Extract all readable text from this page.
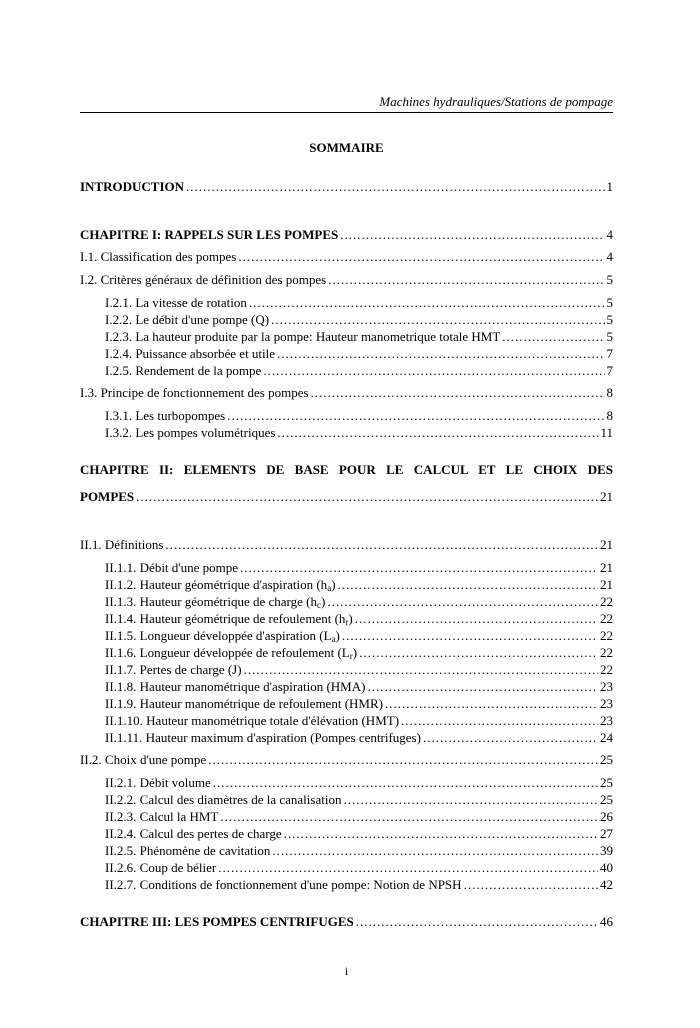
Machines hydrauliques/Stations de pompage
SOMMAIRE
INTRODUCTION .....	1
CHAPITRE I: RAPPELS SUR LES POMPES .....	4
I.1. Classification des pompes .....	4
I.2. Critères généraux de définition des pompes .....	5
I.2.1. La vitesse de rotation .....	5
I.2.2. Le débit d'une pompe (Q) .....	5
I.2.3. La hauteur produite par la pompe: Hauteur manometrique totale HMT .....	5
I.2.4. Puissance absorbée et utile .....	7
I.2.5. Rendement de la pompe .....	7
I.3. Principe de fonctionnement des pompes .....	8
I.3.1. Les turbopompes .....	8
I.3.2. Les pompes volumétriques .....	11
CHAPITRE II: ELEMENTS DE BASE POUR LE CALCUL ET LE CHOIX DES
POMPES .....	21
II.1. Définitions .....	21
II.1.1. Débit d'une pompe .....	21
II.1.2. Hauteur géométrique d'aspiration $(h_a)$ .....	21
II.1.3. Hauteur géométrique de charge $(h_c)$ .....	22
II.1.4. Hauteur géométrique de refoulement $(h_r)$ .....	22
II.1.5. Longueur développée d'aspiration $(L_a)$ .....	22
II.1.6. Longueur développée de refoulement $(L_r)$ .....	22
II.1.7. Pertes de charge (J) .....	22
II.1.8. Hauteur manométrique d'aspiration (HMA) .....	23
II.1.9. Hauteur manométrique de refoulement (HMR) .....	23
II.1.10. Hauteur manométrique totale d'élévation (HMT) .....	23
II.1.11. Hauteur maximum d'aspiration (Pompes centrifuges) .....	24
II.2. Choix d'une pompe .....	25
II.2.1. Débit volume .....	25
II.2.2. Calcul des diamètres de la canalisation .....	25
II.2.3. Calcul la HMT .....	26
II.2.4. Calcul des pertes de charge .....	27
II.2.5. Phénomène de cavitation .....	39
II.2.6. Coup de bélier .....	40
II.2.7. Conditions de fonctionnement d'une pompe: Notion de NPSH .....	42
CHAPITRE III: LES POMPES CENTRIFUGES .....	46
i
